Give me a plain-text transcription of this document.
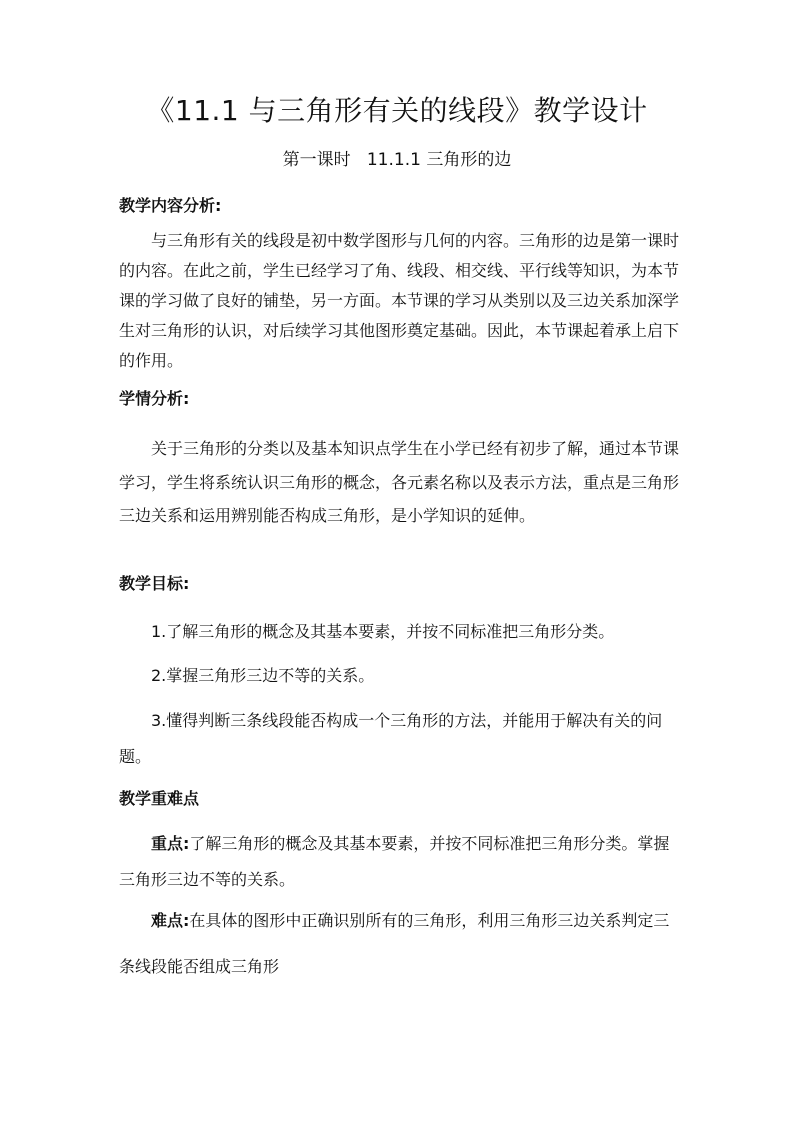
《11.1 与三角形有关的线段》教学设计
第一课时   11.1.1 三角形的边
教学内容分析:
与三角形有关的线段是初中数学图形与几何的内容。三角形的边是第一课时的内容。在此之前，学生已经学习了角、线段、相交线、平行线等知识，为本节课的学习做了良好的铺垫，另一方面。本节课的学习从类别以及三边关系加深学生对三角形的认识，对后续学习其他图形奠定基础。因此，本节课起着承上启下的作用。
学情分析:
关于三角形的分类以及基本知识点学生在小学已经有初步了解，通过本节课学习，学生将系统认识三角形的概念，各元素名称以及表示方法，重点是三角形三边关系和运用辨别能否构成三角形，是小学知识的延伸。
教学目标:
1.了解三角形的概念及其基本要素，并按不同标准把三角形分类。
2.掌握三角形三边不等的关系。
3.懂得判断三条线段能否构成一个三角形的方法，并能用于解决有关的问题。
教学重难点
重点:了解三角形的概念及其基本要素，并按不同标准把三角形分类。掌握三角形三边不等的关系。
难点:在具体的图形中正确识别所有的三角形，利用三角形三边关系判定三条线段能否组成三角形
